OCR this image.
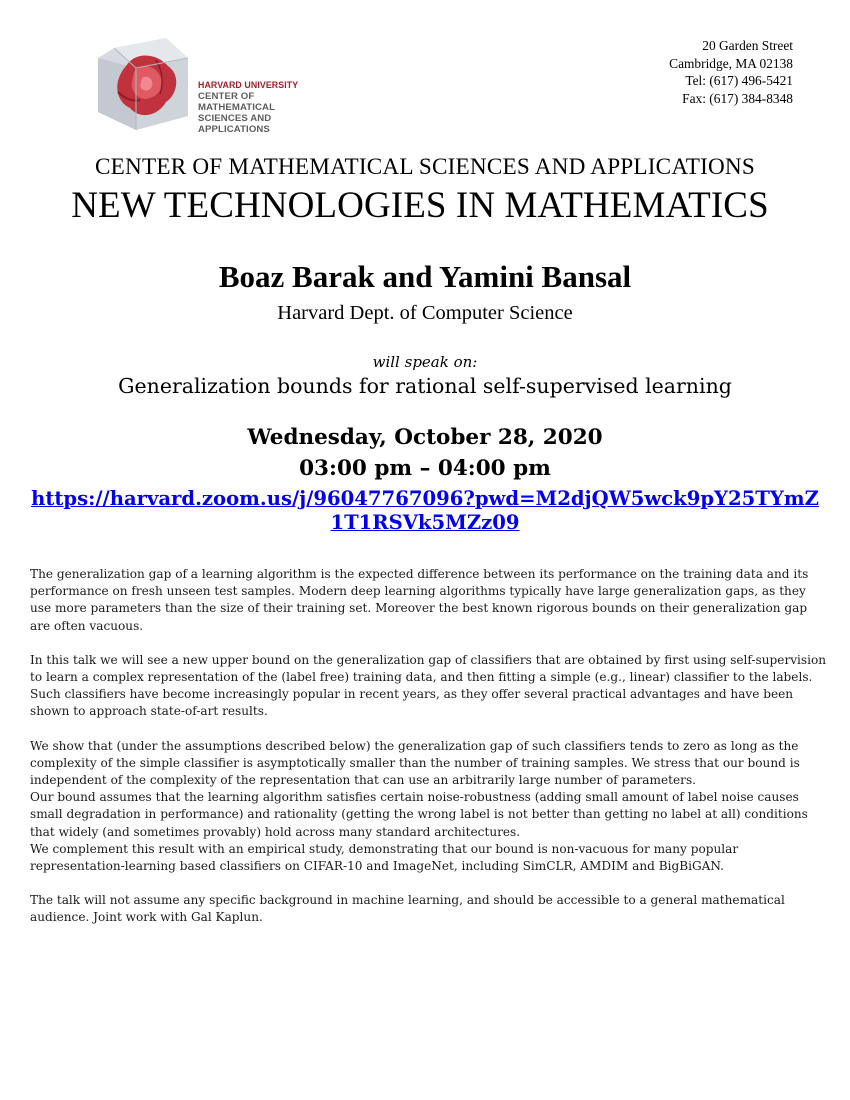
HARVARD UNIVERSITY
CENTER OF MATHEMATICAL
SCIENCES AND APPLICATIONS
20 Garden Street
Cambridge, MA 02138
Tel: (617) 496-5421
Fax: (617) 384-8348
CENTER OF MATHEMATICAL SCIENCES AND APPLICATIONS
NEW TECHNOLOGIES IN MATHEMATICS
Boaz Barak and Yamini Bansal
Harvard Dept. of Computer Science
will speak on:
Generalization bounds for rational self-supervised learning
Wednesday, October 28, 2020
03:00 pm – 04:00 pm
https://harvard.zoom.us/j/96047767096?pwd=M2djQW5wck9pY25TYmZ1T1RSVk5MZz09

The generalization gap of a learning algorithm is the expected difference between its performance on the training data and its performance on fresh unseen test samples. Modern deep learning algorithms typically have large generalization gaps, as they use more parameters than the size of their training set. Moreover the best known rigorous bounds on their generalization gap are often vacuous.

In this talk we will see a new upper bound on the generalization gap of classifiers that are obtained by first using self-supervision to learn a complex representation of the (label free) training data, and then fitting a simple (e.g., linear) classifier to the labels. Such classifiers have become increasingly popular in recent years, as they offer several practical advantages and have been shown to approach state-of-art results.

We show that (under the assumptions described below) the generalization gap of such classifiers tends to zero as long as the complexity of the simple classifier is asymptotically smaller than the number of training samples. We stress that our bound is independent of the complexity of the representation that can use an arbitrarily large number of parameters.

Our bound assumes that the learning algorithm satisfies certain noise-robustness (adding small amount of label noise causes small degradation in performance) and rationality (getting the wrong label is not better than getting no label at all) conditions that widely (and sometimes provably) hold across many standard architectures.

We complement this result with an empirical study, demonstrating that our bound is non-vacuous for many popular representation-learning based classifiers on CIFAR-10 and ImageNet, including SimCLR, AMDIM and BigBiGAN.

The talk will not assume any specific background in machine learning, and should be accessible to a general mathematical audience. Joint work with Gal Kaplun.
